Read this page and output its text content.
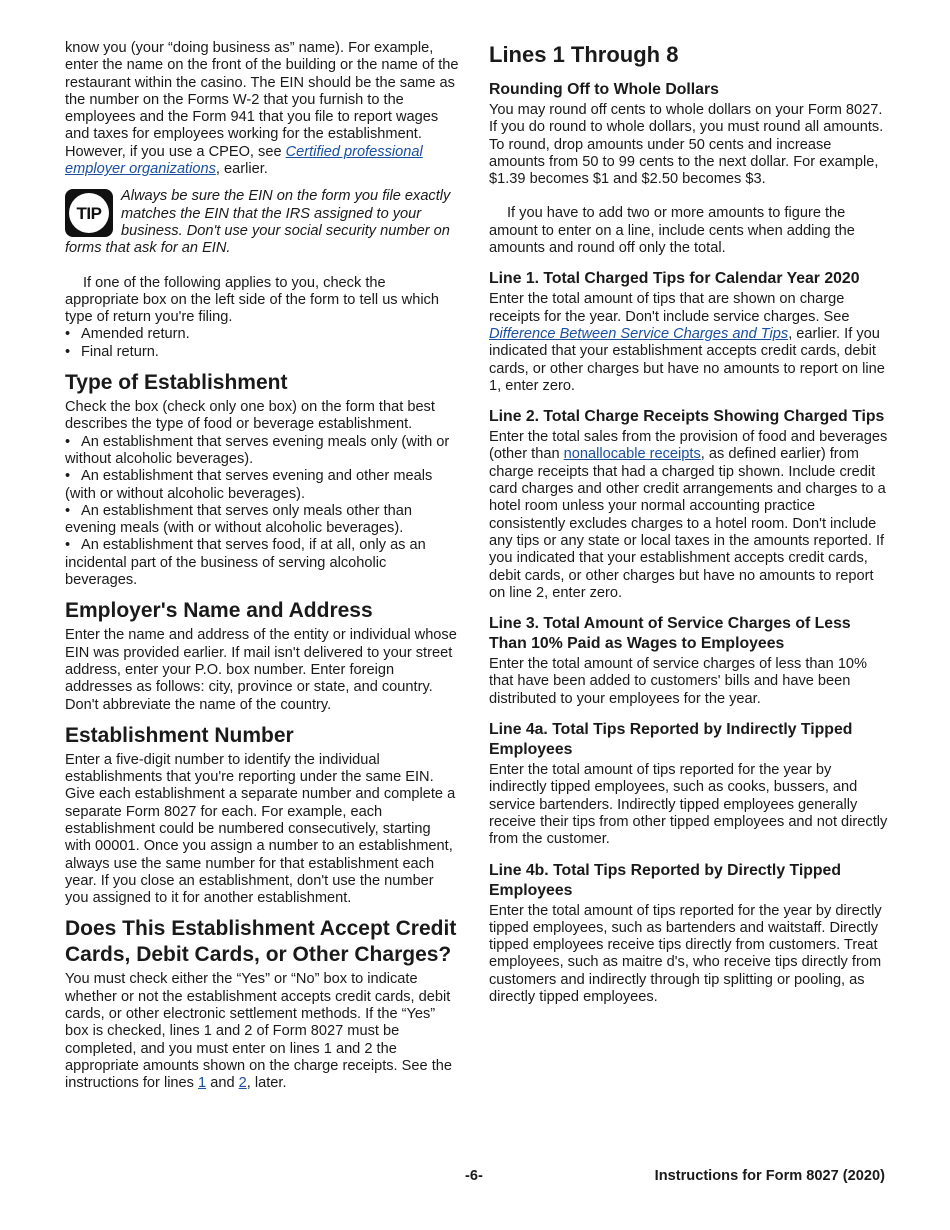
know you (your “doing business as” name). For example, enter the name on the front of the building or the name of the restaurant within the casino. The EIN should be the same as the number on the Forms W-2 that you furnish to the employees and the Form 941 that you file to report wages and taxes for employees working for the establishment. However, if you use a CPEO, see Certified professional employer organizations, earlier.

TIP
Always be sure the EIN on the form you file exactly matches the EIN that the IRS assigned to your business. Don't use your social security number on forms that ask for an EIN.

If one of the following applies to you, check the appropriate box on the left side of the form to tell us which type of return you're filing.

• Amended return.
• Final return.
Type of Establishment

Check the box (check only one box) on the form that best describes the type of food or beverage establishment.

• An establishment that serves evening meals only (with or without alcoholic beverages).
• An establishment that serves evening and other meals (with or without alcoholic beverages).
• An establishment that serves only meals other than evening meals (with or without alcoholic beverages).
• An establishment that serves food, if at all, only as an incidental part of the business of serving alcoholic beverages.
Employer's Name and Address

Enter the name and address of the entity or individual whose EIN was provided earlier. If mail isn't delivered to your street address, enter your P.O. box number. Enter foreign addresses as follows: city, province or state, and country. Don't abbreviate the name of the country.

Establishment Number

Enter a five-digit number to identify the individual establishments that you're reporting under the same EIN. Give each establishment a separate number and complete a separate Form 8027 for each. For example, each establishment could be numbered consecutively, starting with 00001. Once you assign a number to an establishment, always use the same number for that establishment each year. If you close an establishment, don't use the number you assigned to it for another establishment.

Does This Establishment Accept Credit Cards, Debit Cards, or Other Charges?

You must check either the “Yes” or “No” box to indicate whether or not the establishment accepts credit cards, debit cards, or other electronic settlement methods. If the “Yes” box is checked, lines 1 and 2 of Form 8027 must be completed, and you must enter on lines 1 and 2 the appropriate amounts shown on the charge receipts. See the instructions for lines 1 and 2, later.

Lines 1 Through 8
Rounding Off to Whole Dollars

You may round off cents to whole dollars on your Form 8027. If you do round to whole dollars, you must round all amounts. To round, drop amounts under 50 cents and increase amounts from 50 to 99 cents to the next dollar. For example, $1.39 becomes $1 and $2.50 becomes $3.

If you have to add two or more amounts to figure the amount to enter on a line, include cents when adding the amounts and round off only the total.

Line 1. Total Charged Tips for Calendar Year 2020

Enter the total amount of tips that are shown on charge receipts for the year. Don't include service charges. See Difference Between Service Charges and Tips, earlier. If you indicated that your establishment accepts credit cards, debit cards, or other charges but have no amounts to report on line 1, enter zero.

Line 2. Total Charge Receipts Showing Charged Tips

Enter the total sales from the provision of food and beverages (other than nonallocable receipts, as defined earlier) from charge receipts that had a charged tip shown. Include credit card charges and other credit arrangements and charges to a hotel room unless your normal accounting practice consistently excludes charges to a hotel room. Don't include any tips or any state or local taxes in the amounts reported. If you indicated that your establishment accepts credit cards, debit cards, or other charges but have no amounts to report on line 2, enter zero.

Line 3. Total Amount of Service Charges of Less Than 10% Paid as Wages to Employees

Enter the total amount of service charges of less than 10% that have been added to customers' bills and have been distributed to your employees for the year.

Line 4a. Total Tips Reported by Indirectly Tipped Employees

Enter the total amount of tips reported for the year by indirectly tipped employees, such as cooks, bussers, and service bartenders. Indirectly tipped employees generally receive their tips from other tipped employees and not directly from the customer.

Line 4b. Total Tips Reported by Directly Tipped Employees

Enter the total amount of tips reported for the year by directly tipped employees, such as bartenders and waitstaff. Directly tipped employees receive tips directly from customers. Treat employees, such as maitre d's, who receive tips directly from customers and indirectly through tip splitting or pooling, as directly tipped employees.

-6-	Instructions for Form 8027 (2020)
